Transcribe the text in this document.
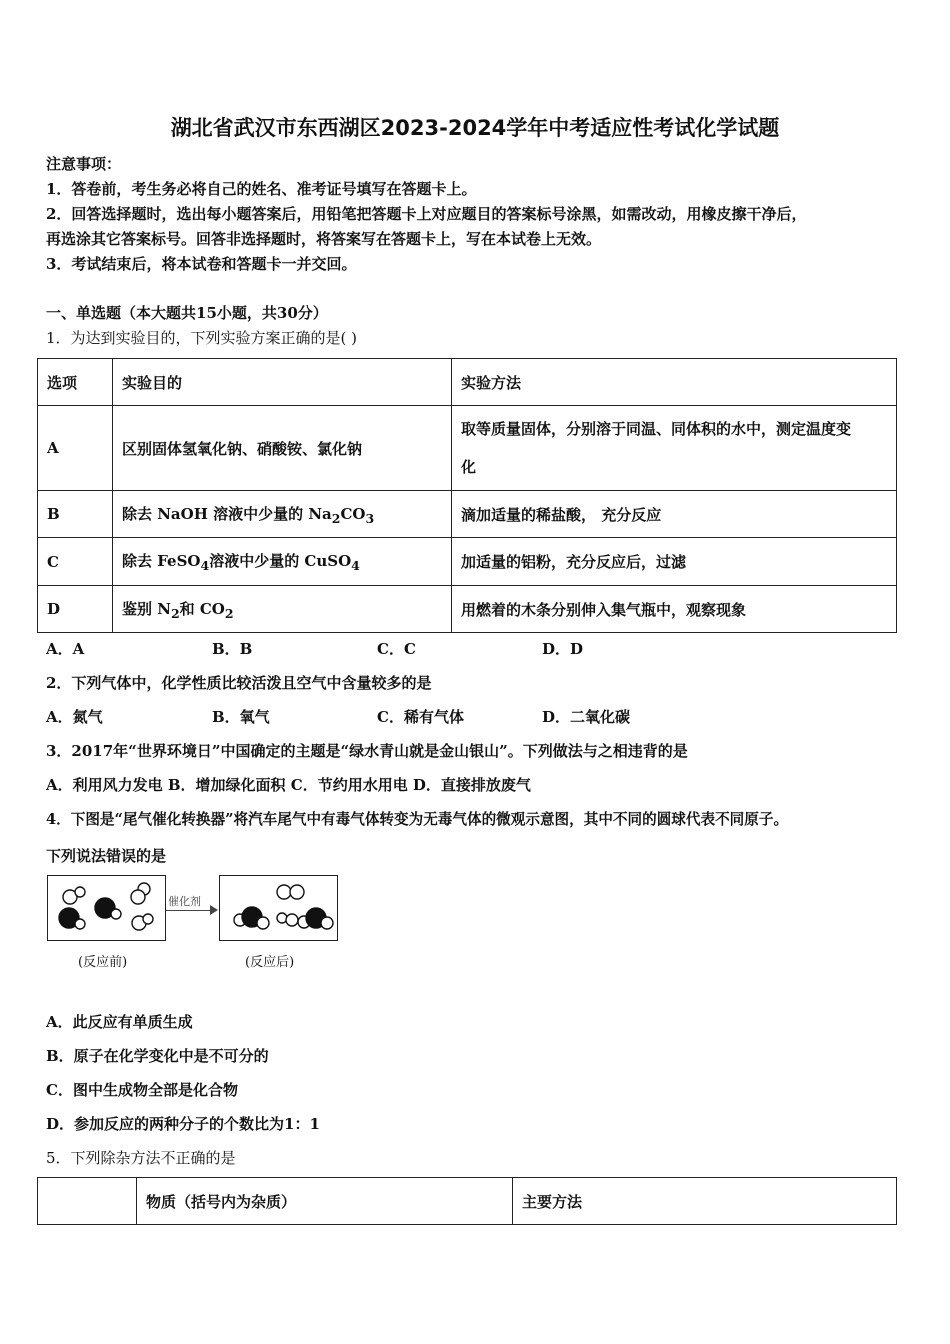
湖北省武汉市东西湖区2023-2024学年中考适应性考试化学试题
注意事项：
1．答卷前，考生务必将自己的姓名、准考证号填写在答题卡上。
2．回答选择题时，选出每小题答案后，用铅笔把答题卡上对应题目的答案标号涂黑，如需改动，用橡皮擦干净后，
再选涂其它答案标号。回答非选择题时，将答案写在答题卡上，写在本试卷上无效。
3．考试结束后，将本试卷和答题卡一并交回。
一、单选题（本大题共15小题，共30分）
1．为达到实验目的，下列实验方案正确的是( )
选项	实验目的	实验方法
A	区别固体氢氧化钠、硝酸铵、氯化钠	取等质量固体，分别溶于同温、同体积的水中，测定温度变
化

B	除去 NaOH 溶液中少量的 $Na_2CO_3$	滴加适量的稀盐酸， 充分反应
C	除去 FeSO$_4$溶液中少量的 CuSO$_4$	加适量的铝粉，充分反应后，过滤
D	鉴别 $N_2$和 $CO_2$	用燃着的木条分别伸入集气瓶中，观察现象
A．A	B．B	C．C	D．D
2．下列气体中，化学性质比较活泼且空气中含量较多的是
A．氮气	B．氧气	C．稀有气体	D．二氧化碳
3．2017年“世界环境日”中国确定的主题是“绿水青山就是金山银山”。下列做法与之相违背的是
A．利用风力发电 B．增加绿化面积 C．节约用水用电 D．直接排放废气
4．下图是“尾气催化转换器”将汽车尾气中有毒气体转变为无毒气体的微观示意图，其中不同的圆球代表不同原子。
下列说法错误的是
催化剂
(反应前)	(反应后)
A．此反应有单质生成
B．原子在化学变化中是不可分的
C．图中生成物全部是化合物
D．参加反应的两种分子的个数比为1：1
5．下列除杂方法不正确的是
	物质（括号内为杂质）	主要方法
